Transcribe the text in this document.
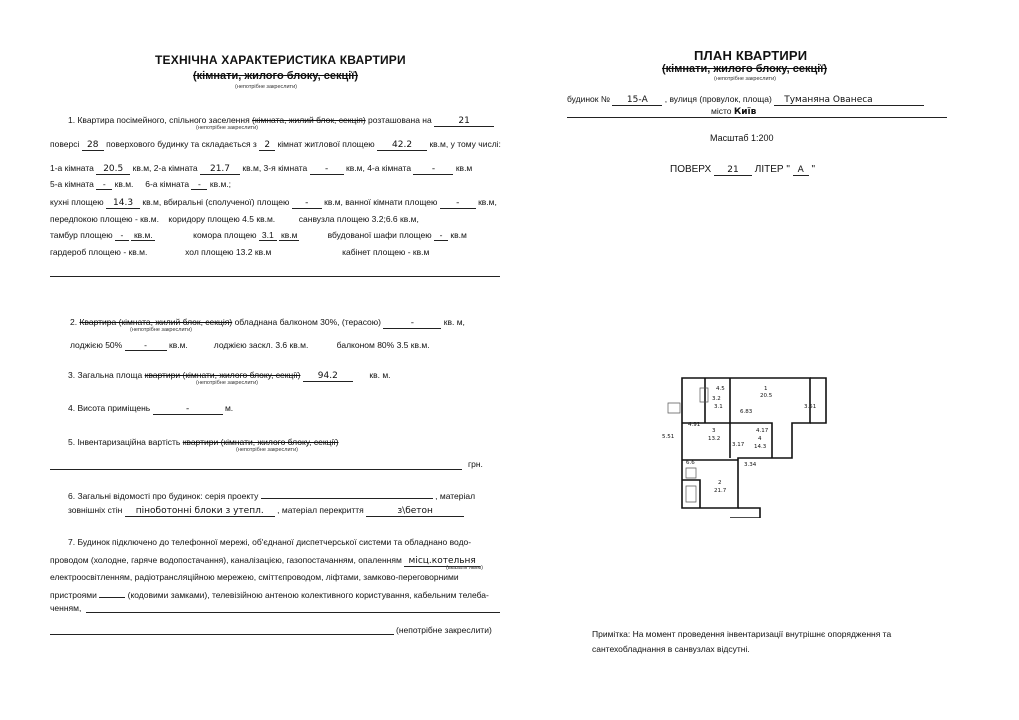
ТЕХНІЧНА ХАРАКТЕРИСТИКА КВАРТИРИ
(кімнати, жилого блоку, секції)
(непотрібне закреслити)
1. Квартира посімейного, спільного заселення (кімната, жилий блок, секція) розташована на	21
(непотрібне закреслити)
поверсі 28 поверхового будинку та складається з 2 кімнат житлової площею 42.2 кв.м, у тому числі:
1-а кімната 20.5 кв.м, 2-а кімната 21.7 кв.м, 3-я кімната - кв.м, 4-а кімната - кв.м
5-а кімната - кв.м. 6-а кімната - кв.м.;
кухні площею 14.3 кв.м, вбиральні (сполученої) площею - кв.м, ванної кімнати площею - кв.м,
передпокою площею - кв.м. коридору площею 4.5 кв.м.	санвузла площею 3.2;6.6 кв.м,
тамбур площею - кв.м.	комора площею 3.1 кв.м	вбудованої шафи площею - кв.м
гардероб площею - кв.м.	хол площею 13.2 кв.м	кабінет площею - кв.м
2. Квартира (кімната, жилий блок, секція) обладнана балконом 30%, (терасою)	-	кв. м,
(непотрібне закреслити)
лоджією 50%	-	кв.м.	лоджією заскл. 3.6 кв.м.	балконом 80% 3.5 кв.м.
3. Загальна площа квартири (кімнати, жилого блоку, секції) 94.2	кв. м.
(непотрібне закреслити)
4. Висота приміщень	-	м.
5. Інвентаризаційна вартість квартири (кімнати, жилого блоку, секції)
(непотрібне закреслити)
грн.
6. Загальні відомості про будинок: серія проекту	, матеріал
зовнішніх стін піноботонні блоки з утепл. , матеріал перекриття	з\бетон
7. Будинок підключено до телефонної мережі, об'єднаної диспетчерської системи та обладнано водо-
проводом (холодне, гаряче водопостачання), каналізацією, газопостачанням, опаленням місц.котельня
(вказати яким)
електроосвітленням, радіотрансляційною мережею, сміттєпроводом, ліфтами, замково-переговорними
пристроями	(кодовими замками), телевізійною антеною колективного користування, кабельним телеба-
ченням,
(непотрібне закреслити)
ПЛАН КВАРТИРИ
(кімнати, жилого блоку, секції)
(непотрібне закреслити)
будинок № 15-А , вулиця (провулок, площа) Туманяна Ованеса
місто Київ
Масштаб 1:200
ПОВЕРХ 21 ЛІТЕР " А "
1
20.5
6.83
3.51
3
13.2	4
14.3
3.17
4.17
3.34
4.91
2
21.7
3.2
6.6
4.5
3.1
5.51
Примітка: На момент проведення інвентаризації внутрішнє опорядження та
сантехобладнання в санвузлах відсутні.
